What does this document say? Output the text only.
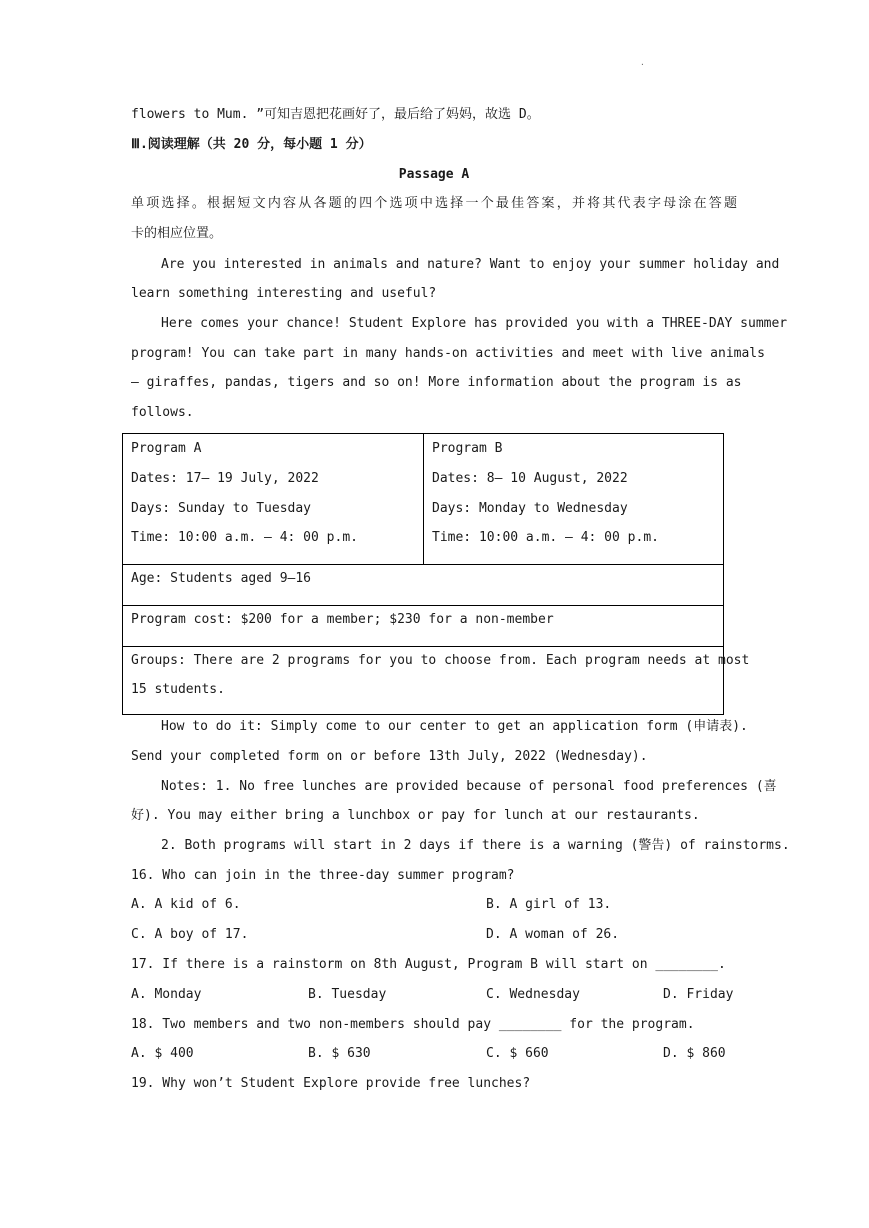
.
flowers to Mum. ”可知吉恩把花画好了，最后给了妈妈，故选 D。
Ⅲ.阅读理解（共 20 分，每小题 1 分）
Passage A
单项选择。根据短文内容从各题的四个选项中选择一个最佳答案，并将其代表字母涂在答题
卡的相应位置。
Are you interested in animals and nature? Want to enjoy your summer holiday and
learn something interesting and useful?
Here comes your chance! Student Explore has provided you with a THREE-DAY summer
program! You can take part in many hands-on activities and meet with live animals
— giraffes, pandas, tigers and so on! More information about the program is as
follows.
Program A
Dates: 17— 19 July, 2022
Days: Sunday to Tuesday
Time: 10:00 a.m. — 4: 00 p.m.
Program B
Dates: 8— 10 August, 2022
Days: Monday to Wednesday
Time: 10:00 a.m. — 4: 00 p.m.
Age: Students aged 9—16
Program cost: $200 for a member; $230 for a non-member
Groups: There are 2 programs for you to choose from. Each program needs at most
15 students.
How to do it: Simply come to our center to get an application form (申请表).
Send your completed form on or before 13th July, 2022 (Wednesday).
Notes: 1. No free lunches are provided because of personal food preferences (喜
好). You may either bring a lunchbox or pay for lunch at our restaurants.
2. Both programs will start in 2 days if there is a warning (警告) of rainstorms.
16. Who can join in the three-day summer program?
A. A kid of 6.	B. A girl of 13.
C. A boy of 17.	D. A woman of 26.
17. If there is a rainstorm on 8th August, Program B will start on ________.
A. Monday	B. Tuesday	C. Wednesday	D. Friday
18. Two members and two non-members should pay ________ for the program.
A. $ 400	B. $ 630	C. $ 660	D. $ 860
19. Why won’t Student Explore provide free lunches?
